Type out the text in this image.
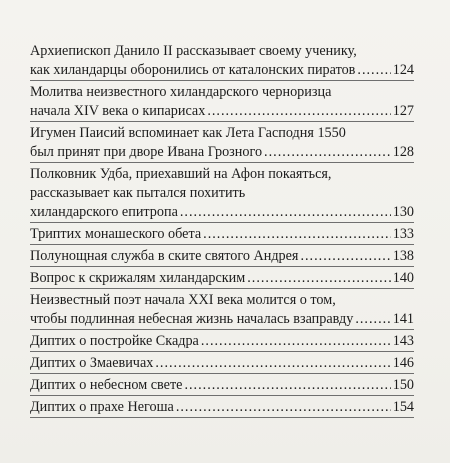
Архиепископ Данило II рассказывает своему ученику,
как хиландарцы оборонились от каталонских пиратов .....	124
Молитва неизвестного хиландарского черноризца
начала XIV века о кипарисах .....	127
Игумен Паисий вспоминает как Лета Гасподня 1550
был принят при дворе Ивана Грозного .....	128
Полковник Удба, приехавший на Афон покаяться,
рассказывает как пытался похитить
хиландарского епитропа .....	130
Триптих монашеского обета .....	133
Полунощная служба в ските святого Андрея .....	138
Вопрос к скрижалям хиландарским .....	140
Неизвестный поэт начала XXI века молится о том,
чтобы подлинная небесная жизнь началась взаправду .....	141
Диптих о постройке Скадра .....	143
Диптих о Змаевичах .....	146
Диптих о небесном свете .....	150
Диптих о прахе Негоша .....	154
